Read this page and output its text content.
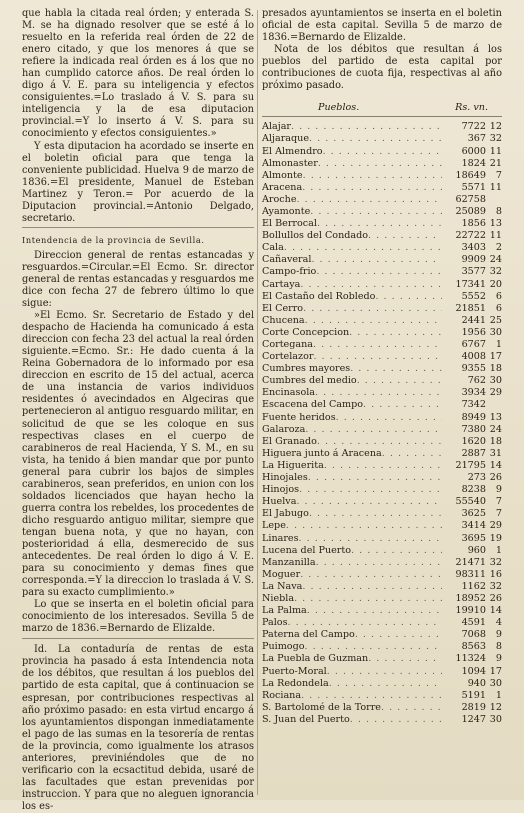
que habla la citada real órden; y enterada S. M. se ha dignado resolver que se esté á lo resuelto en la referida real órden de 22 de enero citado, y que los menores á que se refiere la indicada real órden es á los que no han cumplido catorce años. De real órden lo digo á V. E. para su inteligencia y efectos consiguientes.=Lo traslado á V. S. para su inteligencia y la de esa diputacion provincial.=Y lo inserto á V. S. para su conocimiento y efectos consiguientes.»

Y esta diputacion ha acordado se inserte en el boletin oficial para que tenga la conveniente publicidad. Huelva 9 de marzo de 1836.=El presidente, Manuel de Esteban Martinez y Teron.= Por acuerdo de la Diputacion provincial.=Antonio Delgado, secretario.

Intendencia de la provincia de Sevilla.

Direccion general de rentas estancadas y resguardos.=Circular.=El Ecmo. Sr. director general de rentas estancadas y resguardos me dice con fecha 27 de febrero último lo que sigue:

»El Ecmo. Sr. Secretario de Estado y del despacho de Hacienda ha comunicado á esta direccion con fecha 23 del actual la real órden siguiente.=Ecmo. Sr.: He dado cuenta á la Reina Gobernadora de lo informado por esa direccion en escrito de 15 del actual, acerca de una instancia de varios individuos residentes ó avecindados en Algeciras que pertenecieron al antiguo resguardo militar, en solicitud de que se les coloque en sus respectivas clases en el cuerpo de carabineros de real Hacienda, Y S. M., en su vista, ha tenido á bien mandar que por punto general para cubrir los bajos de simples carabineros, sean preferidos, en union con los soldados licenciados que hayan hecho la guerra contra los rebeldes, los procedentes de dicho resguardo antiguo militar, siempre que tengan buena nota, y que no hayan, con posterioridad á ella, desmerecido de sus antecedentes. De real órden lo digo á V. E. para su conocimiento y demas fines que corresponda.=Y la direccion lo traslada á V. S. para su exacto cumplimiento.»

Lo que se inserta en el boletin oficial para conocimiento de los interesados. Sevilla 5 de marzo de 1836.=Bernardo de Elizalde.

Id. La contaduría de rentas de esta provincia ha pasado á esta Intendencia nota de los débitos, que resultan á los pueblos del partido de esta capital, que á continuacion se espresan, por contribuciones respectivas al año próximo pasado: en esta virtud encargo á los ayuntamientos dispongan inmediatamente el pago de las sumas en la tesorería de rentas de la provincia, como igualmente los atrasos anteriores, previniéndoles que de no verificario con la ecsactitud debida, usaré de las facultades que estan prevenidas por instruccion. Y para que no aleguen ignorancia los es-

presados ayuntamientos se inserta en el boletin oficial de esta capital. Sevilla 5 de marzo de 1836.=Bernardo de Elizalde.

Nota de los débitos que resultan á los pueblos del partido de esta capital por contribuciones de cuota fija, respectivas al año próximo pasado.

Pueblos.	Rs. vn.
Alajar . . .	7722 12
Aljaraque . . .	367 32
El Almendro . . .	6000 11
Almonaster . . .	1824 21
Almonte . . .	18649	7
Aracena . . .	5571 11
Aroche . . .	62758
Ayamonte . . .	25089	8
El Berrocal . . .	1856 13
Bollullos del Condado . . .	22722 11
Cala . . .	3403	2
Cañaveral . . .	9909 24
Campo-frio . . .	3577 32
Cartaya . . .	17341 20
El Castaño del Robledo . . .	5552	6
El Cerro . . .	21851	6
Chucena . . .	2441 25
Corte Concepcion . . .	1956 30
Cortegana . . .	6767	1
Cortelazor . . .	4008 17
Cumbres mayores . . .	9355 18
Cumbres del medio . . .	762 30
Encinasola . . .	3934 29
Escacena del Campo . . .	7342
Fuente heridos . . .	8949 13
Galaroza . . .	7380 24
El Granado . . .	1620 18
Higuera junto á Aracena . . .	2887 31
La Higuerita . . .	21795 14
Hinojales . . .	273 26
Hinojos . . .	8238	9
Huelva . . .	55540	7
El Jabugo . . .	3625	7
Lepe . . .	3414 29
Linares . . .	3695 19
Lucena del Puerto . . .	960	1
Manzanilla . . .	21471 32
Moguer . . .	98311 16
La Nava . . .	1162 32
Niebla . . .	18952 26
La Palma . . .	19910 14
Palos . . .	4591	4
Paterna del Campo . . .	7068	9
Puimogo . . .	8563	8
La Puebla de Guzman . . .	11324	9
Puerto-Moral . . .	1094 17
La Redondela . . .	940 30
Rociana . . .	5191	1
S. Bartolomé de la Torre . . .	2819 12
S. Juan del Puerto . . .	1247 30
